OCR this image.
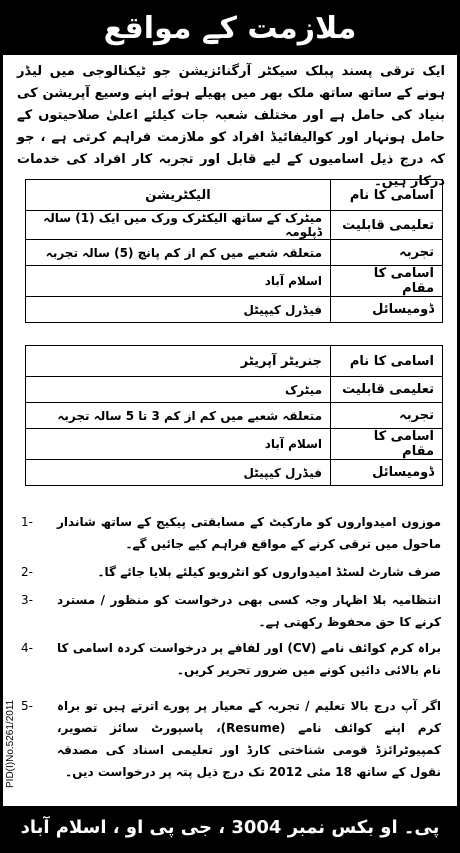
ملازمت کے مواقع
ایک ترقی پسند پبلک سیکٹر آرگنائزیشن جو ٹیکنالوجی میں لیڈر ہونے کے ساتھ ساتھ ملک بھر میں پھیلے ہوئے اپنے وسیع آپریشن کی بنیاد کی حامل ہے اور مختلف شعبہ جات کیلئے اعلیٰ صلاحیتوں کے حامل ہونہار اور کوالیفائیڈ افراد کو ملازمت فراہم کرتی ہے ، جو کہ درج ذیل اسامیوں کے لیے قابل اور تجربہ کار افراد کی خدمات درکار ہیں۔
اسامی کا نام	الیکٹریشن
تعلیمی قابلیت	میٹرک کے ساتھ الیکٹرک ورک میں ایک (1) سالہ ڈپلومہ
تجربہ	متعلقہ شعبے میں کم از کم پانچ (5) سالہ تجربہ
اسامی کا مقام	اسلام آباد
ڈومیسائل	فیڈرل کیپیٹل
اسامی کا نام	جنریٹر آپریٹر
تعلیمی قابلیت	میٹرک
تجربہ	متعلقہ شعبے میں کم از کم 3 تا 5 سالہ تجربہ
اسامی کا مقام	اسلام آباد
ڈومیسائل	فیڈرل کیپیٹل
موزوں امیدواروں کو مارکیٹ کے مسابقتی پیکیج کے ساتھ شاندار ماحول میں ترقی کرنے کے مواقع فراہم کیے جائیں گے۔
1-
صرف شارٹ لسٹڈ امیدواروں کو انٹرویو کیلئے بلایا جائے گا۔
2-
انتظامیہ بلا اظہار وجہ کسی بھی درخواست کو منظور / مسترد کرنے کا حق محفوظ رکھتی ہے۔
3-
براہ کرم کوائف نامے (CV) اور لفافے پر درخواست کردہ اسامی کا نام بالائی دائیں کونے میں ضرور تحریر کریں۔
4-
اگر آپ درج بالا تعلیم / تجربہ کے معیار پر پورے اترتے ہیں تو براہ کرم اپنے کوائف نامے (Resume)، پاسپورٹ سائز تصویر، کمپیوٹرائزڈ قومی شناختی کارڈ اور تعلیمی اسناد کی مصدقہ نقول کے ساتھ 18 مئی 2012 تک درج ذیل پتہ پر درخواست دیں۔
5-
PID(I)No.5261/2011
پی۔ او بکس نمبر 3004 ، جی پی او ، اسلام آباد
